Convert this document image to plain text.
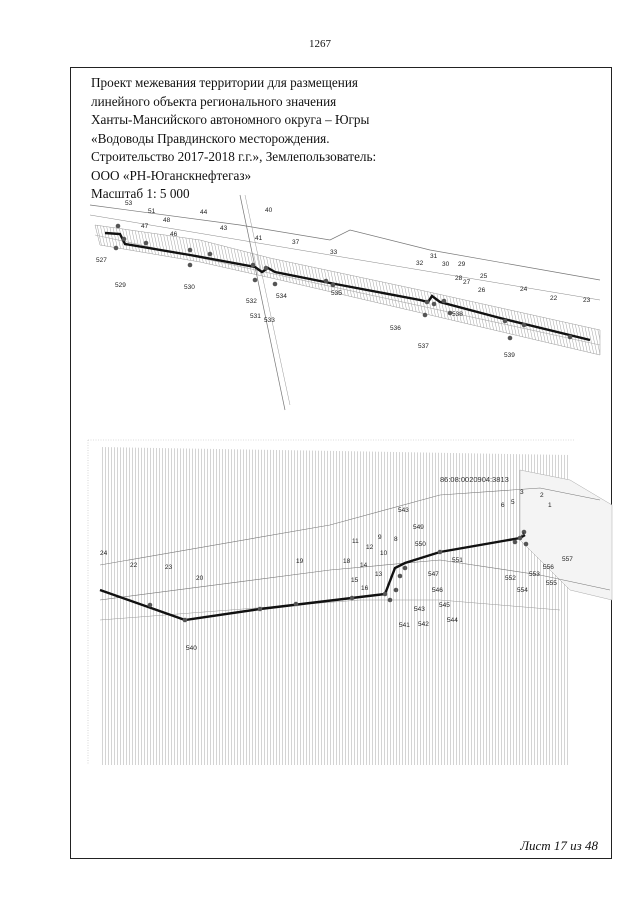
1267
Проект межевания территории для размещения
линейного объекта регионального значения
Ханты-Мансийского автономного округа – Югры
«Водоводы Правдинского месторождения.
Строительство 2017-2018 г.г.», Землепользователь:
ООО «РН-Юганскнефтегаз»
Масштаб 1: 5 000
53
51
48
47
46
44
43
40
41
37
33
32
31
30 29
28
27
25
26	24
22	23
527
529	530
532
531
533
534	535
536
537
538
539
24
22	23
20
19	18
15
16
11
12
10
9 8
14
13
543
549
550
551
547
546
545
544
543
542
541
540
6 5
3	2
1
4
552
553
554
555
556
557
86:08:0020904:3813
Лист 17 из 48
